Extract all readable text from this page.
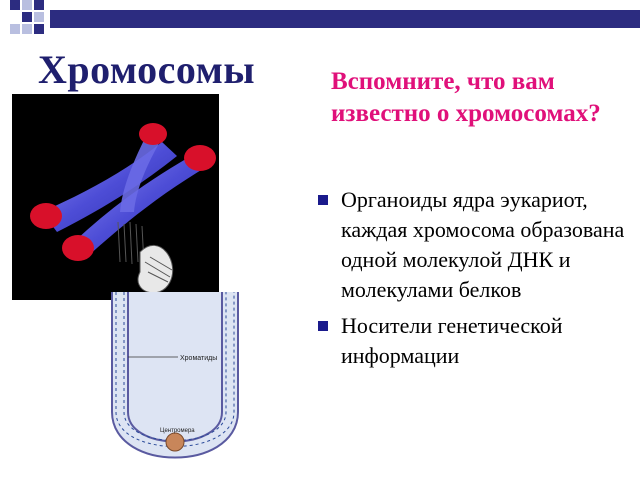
Хромосомы	Вспомните, что вам известно о хромосомах?
Органоиды ядра эукариот, каждая хромосома образована одной молекулой ДНК и молекулами белков
Носители генетической информации
Хроматиды
Центромера
